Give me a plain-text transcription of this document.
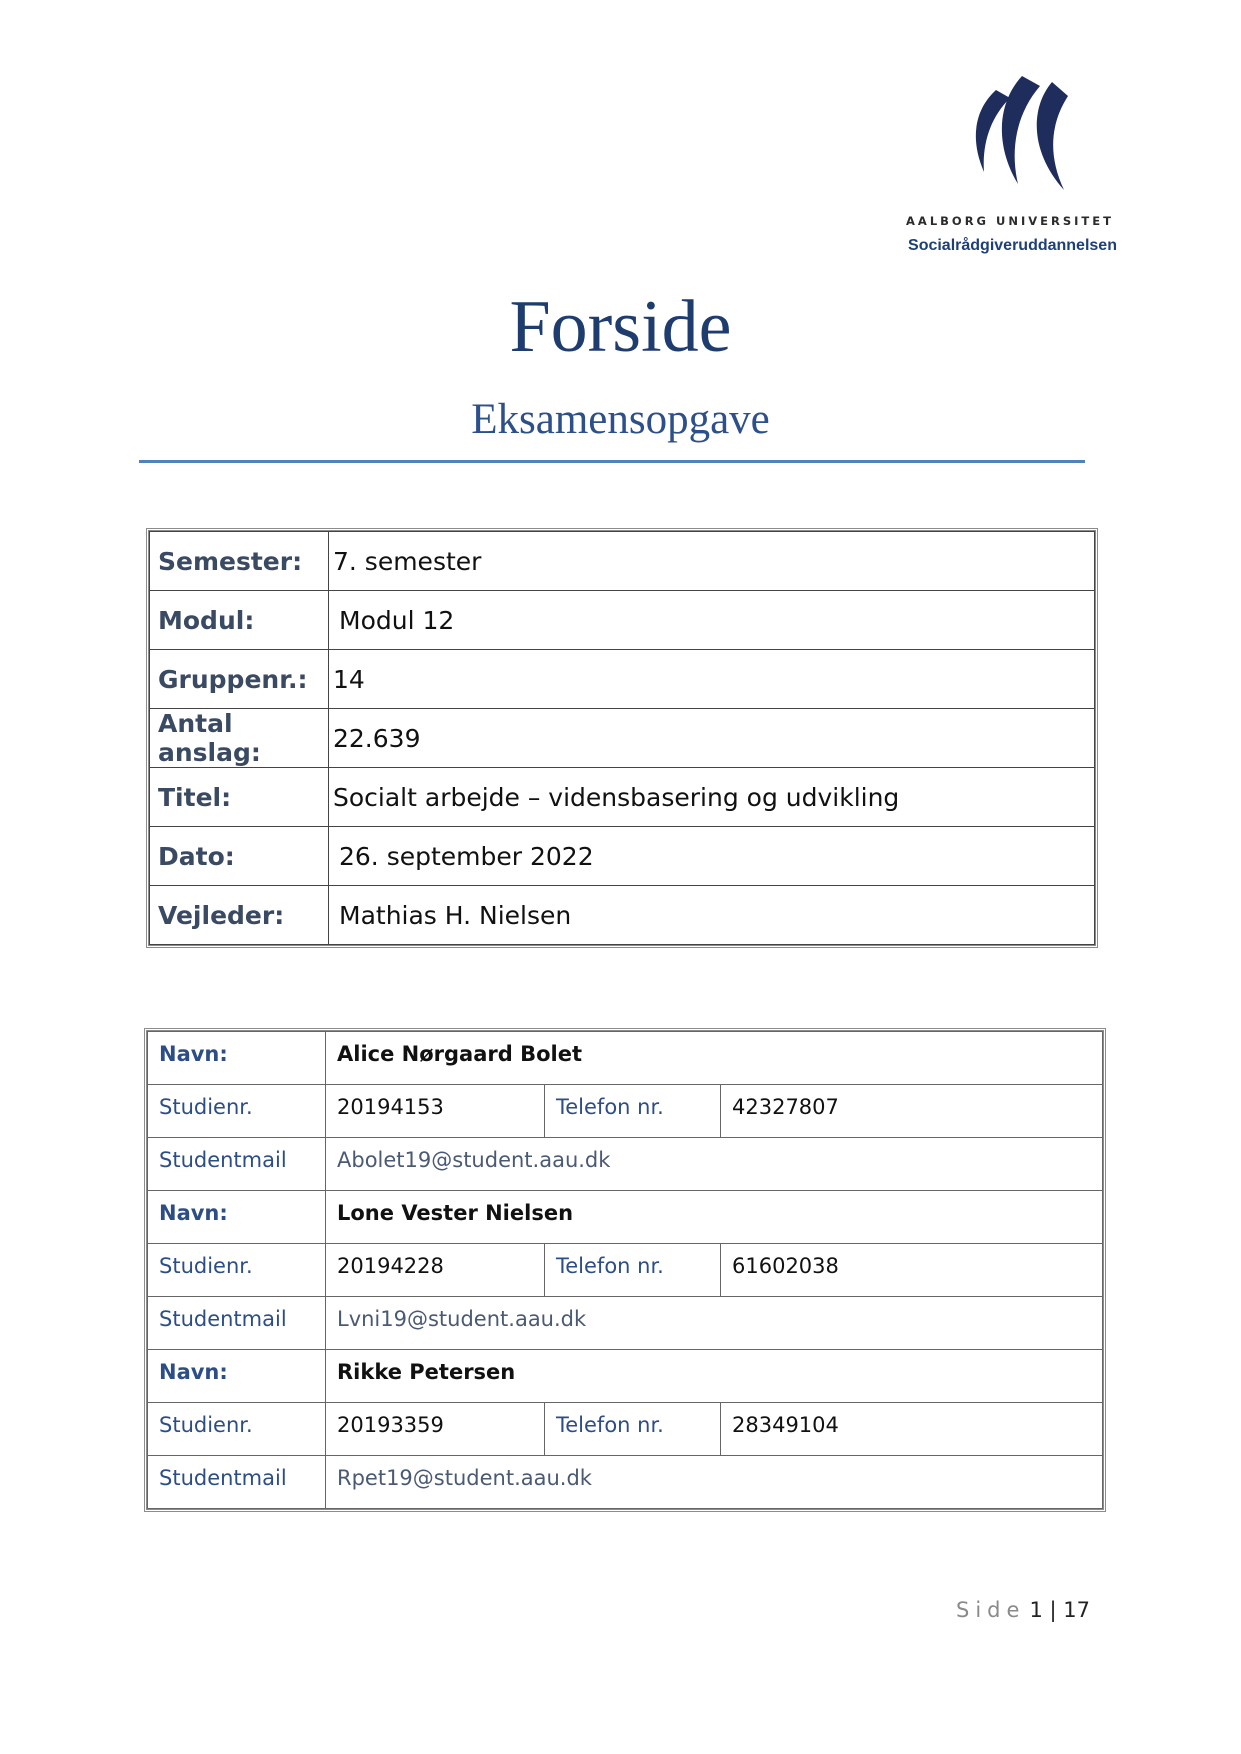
AALBORG UNIVERSITET
Socialrådgiveruddannelsen
Forside
Eksamensopgave
Semester:	7. semester
Modul:	Modul 12
Gruppenr.:	14
Antal anslag:	22.639
Titel:	Socialt arbejde – vidensbasering og udvikling
Dato:	26. september 2022
Vejleder:	Mathias H. Nielsen
Navn:	Alice Nørgaard Bolet		
Studienr.	20194153	Telefon nr.	42327807
Studentmail	Abolet19@student.aau.dk		
Navn:	Lone Vester Nielsen		
Studienr.	20194228	Telefon nr.	61602038
Studentmail	Lvni19@student.aau.dk		
Navn:	Rikke Petersen		
Studienr.	20193359	Telefon nr.	28349104
Studentmail	Rpet19@student.aau.dk		
Side 1 | 17
